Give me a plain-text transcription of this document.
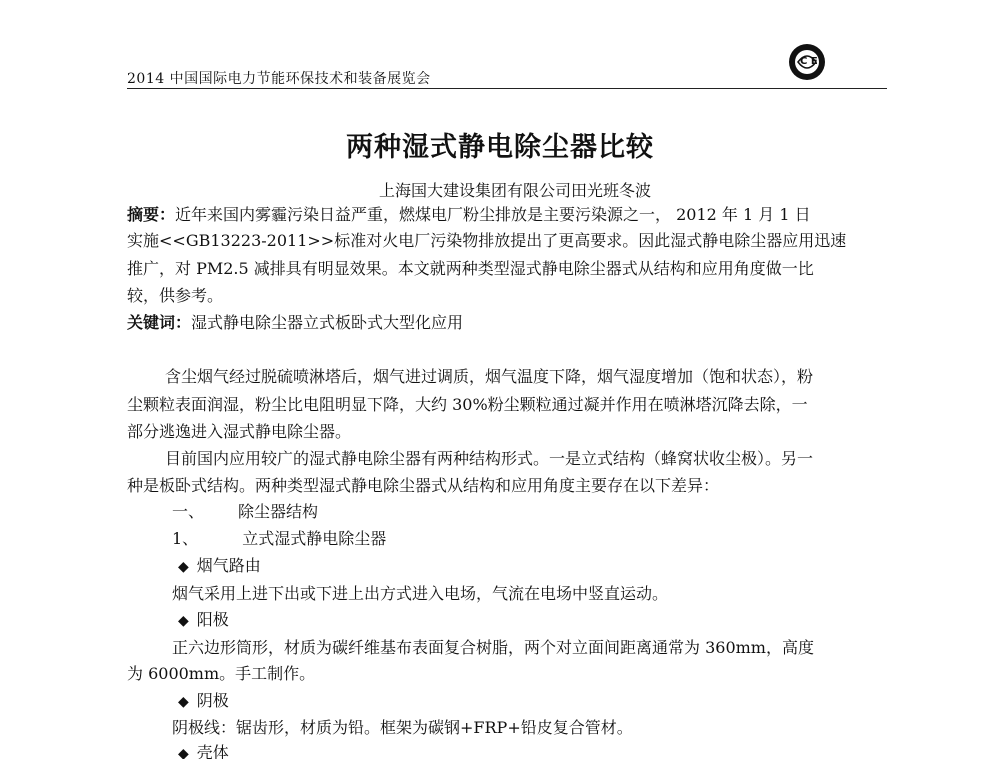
2014 中国国际电力节能环保技术和装备展览会
C E
两种湿式静电除尘器比较
上海国大建设集团有限公司田光班冬波
摘要：近年来国内雾霾污染日益严重，燃煤电厂粉尘排放是主要污染源之一， 2012 年 1 月 1 日
实施<<GB13223-2011>>标准对火电厂污染物排放提出了更高要求。因此湿式静电除尘器应用迅速
推广，对 PM2.5 减排具有明显效果。本文就两种类型湿式静电除尘器式从结构和应用角度做一比
较，供参考。
关键词：湿式静电除尘器立式板卧式大型化应用
含尘烟气经过脱硫喷淋塔后，烟气进过调质，烟气温度下降，烟气湿度增加（饱和状态），粉
尘颗粒表面润湿，粉尘比电阻明显下降，大约 30%粉尘颗粒通过凝并作用在喷淋塔沉降去除，一
部分逃逸进入湿式静电除尘器。
目前国内应用较广的湿式静电除尘器有两种结构形式。一是立式结构（蜂窝状收尘极）。另一
种是板卧式结构。两种类型湿式静电除尘器式从结构和应用角度主要存在以下差异：
一、 除尘器结构
1、	立式湿式静电除尘器
◆ 烟气路由
烟气采用上进下出或下进上出方式进入电场，气流在电场中竖直运动。
◆ 阳极
正六边形筒形，材质为碳纤维基布表面复合树脂，两个对立面间距离通常为 360mm，高度
为 6000mm。手工制作。
◆ 阴极
阴极线：锯齿形，材质为铅。框架为碳钢+FRP+铅皮复合管材。
◆ 壳体
